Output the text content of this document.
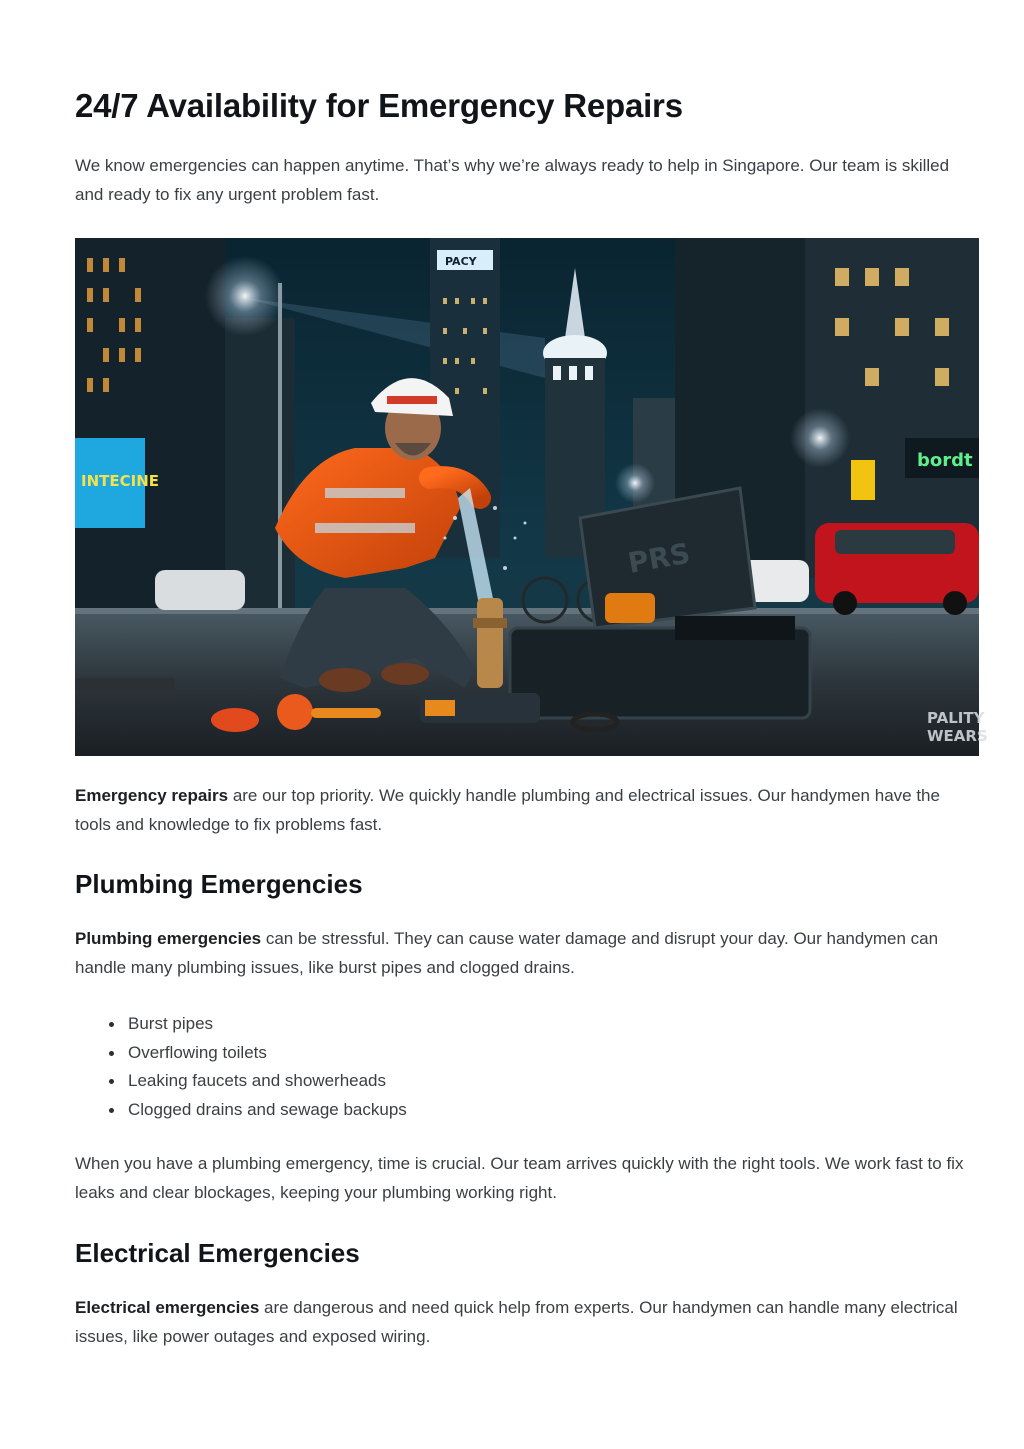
24/7 Availability for Emergency Repairs

We know emergencies can happen anytime. That’s why we’re always ready to help in Singapore. Our team is skilled and ready to fix any urgent problem fast.

INTECINE
PACY
bordt
PRS
PALITY
WEARS

Emergency repairs are our top priority. We quickly handle plumbing and electrical issues. Our handymen have the tools and knowledge to fix problems fast.

Plumbing Emergencies

Plumbing emergencies can be stressful. They can cause water damage and disrupt your day. Our handymen can handle many plumbing issues, like burst pipes and clogged drains.

Burst pipes
Overflowing toilets
Leaking faucets and showerheads
Clogged drains and sewage backups

When you have a plumbing emergency, time is crucial. Our team arrives quickly with the right tools. We work fast to fix leaks and clear blockages, keeping your plumbing working right.

Electrical Emergencies

Electrical emergencies are dangerous and need quick help from experts. Our handymen can handle many electrical issues, like power outages and exposed wiring.
